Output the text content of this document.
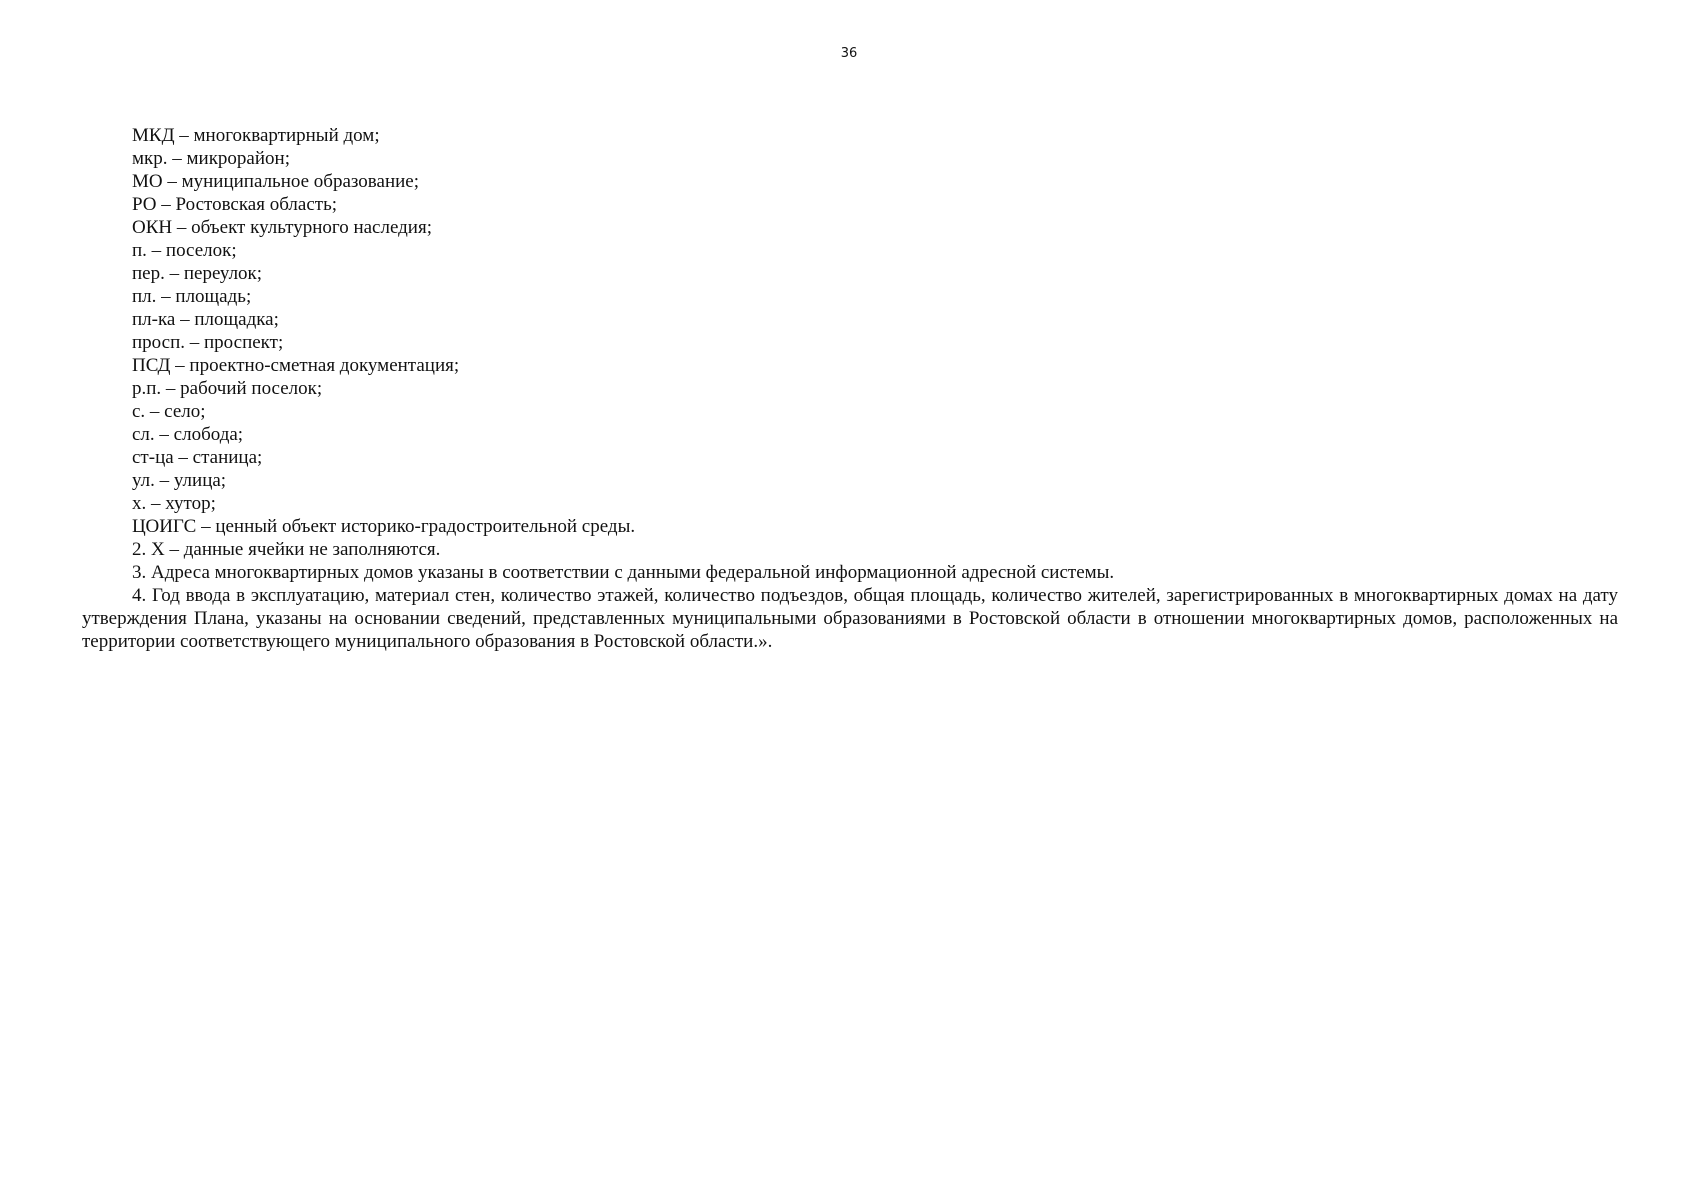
36

МКД – многоквартирный дом;

мкр. – микрорайон;

МО – муниципальное образование;

РО – Ростовская область;

ОКН – объект культурного наследия;

п. – поселок;

пер. – переулок;

пл. – площадь;

пл-ка – площадка;

просп. – проспект;

ПСД – проектно-сметная документация;

р.п. – рабочий поселок;

с. – село;

сл. – слобода;

ст-ца – станица;

ул. – улица;

х. – хутор;

ЦОИГС – ценный объект историко-градостроительной среды.

2. Х – данные ячейки не заполняются.

3. Адреса многоквартирных домов указаны в соответствии с данными федеральной информационной адресной системы.

4. Год ввода в эксплуатацию, материал стен, количество этажей, количество подъездов, общая площадь, количество жителей, зарегистрированных в многоквартирных домах на дату утверждения Плана, указаны на основании сведений, представленных муниципальными образованиями в Ростовской области в отношении многоквартирных домов, расположенных на территории соответствующего муниципального образования в Ростовской области.».
